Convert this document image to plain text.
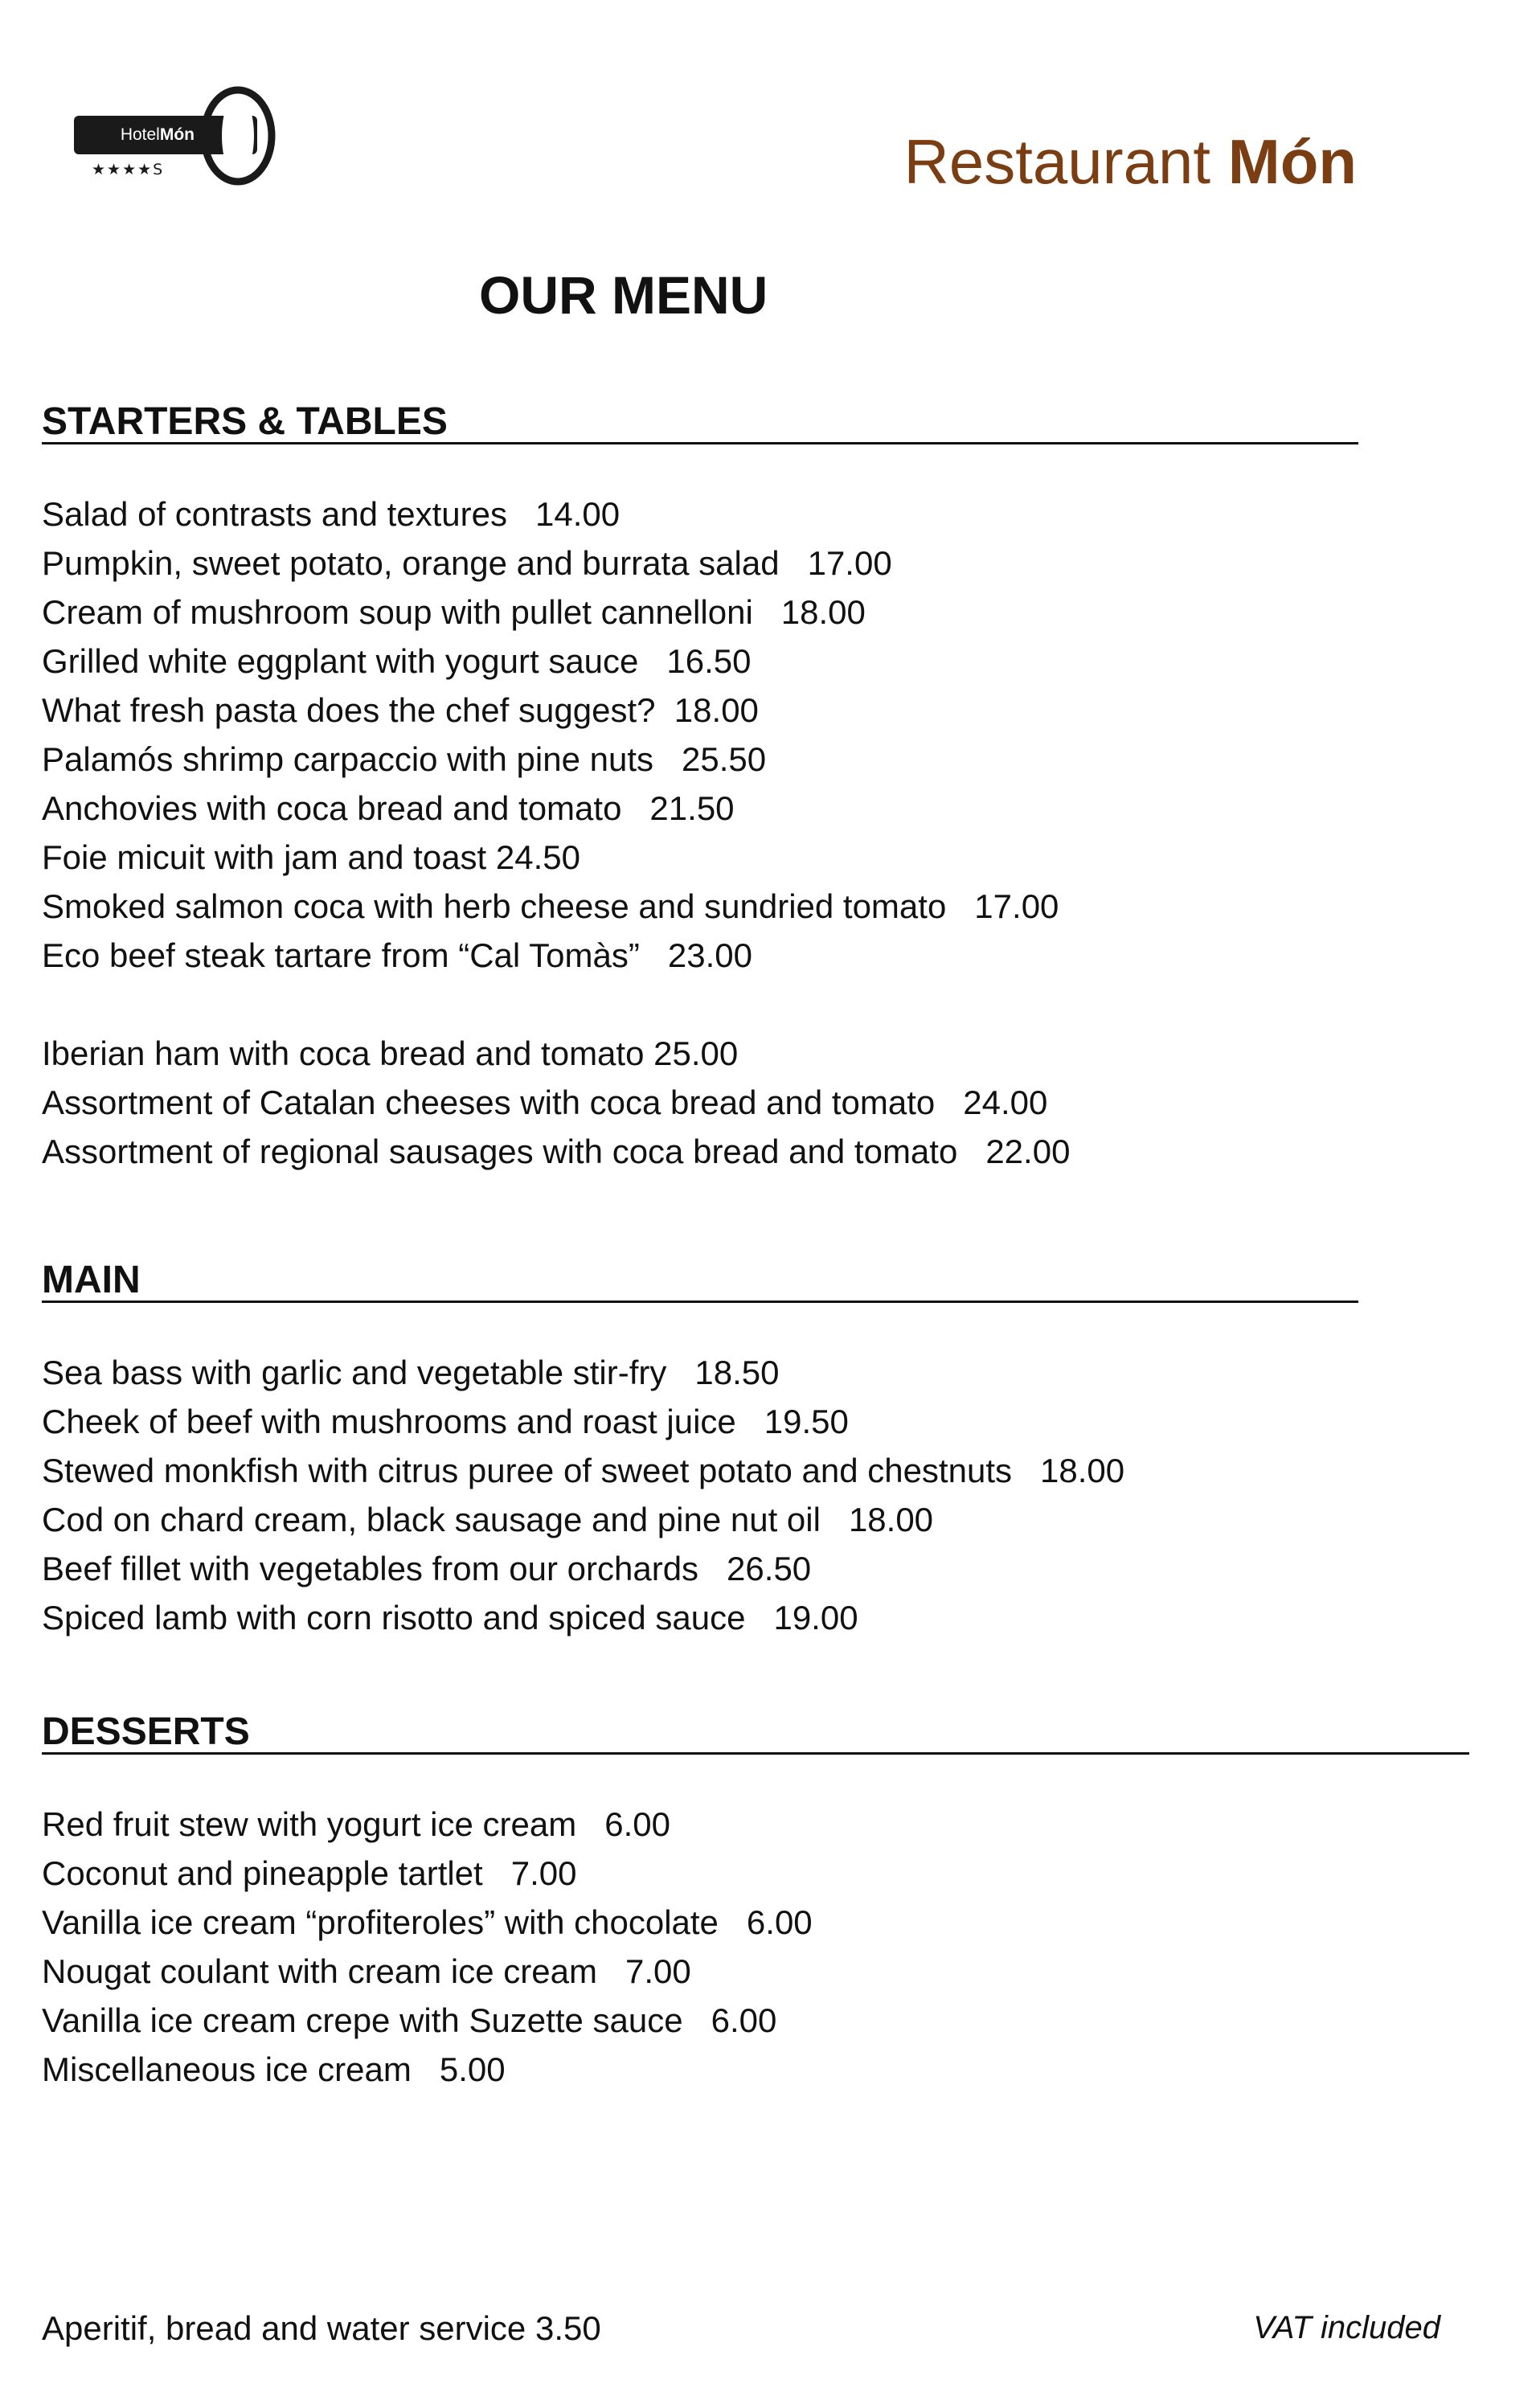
HotelMón
★★★★S	Restaurant Món
OUR MENU
STARTERS & TABLES
Salad of contrasts and textures   14.00
Pumpkin, sweet potato, orange and burrata salad   17.00
Cream of mushroom soup with pullet cannelloni   18.00
Grilled white eggplant with yogurt sauce   16.50
What fresh pasta does the chef suggest?  18.00
Palamós shrimp carpaccio with pine nuts   25.50
Anchovies with coca bread and tomato   21.50
Foie micuit with jam and toast 24.50
Smoked salmon coca with herb cheese and sundried tomato   17.00
Eco beef steak tartare from “Cal Tomàs”   23.00
Iberian ham with coca bread and tomato 25.00
Assortment of Catalan cheeses with coca bread and tomato   24.00
Assortment of regional sausages with coca bread and tomato   22.00
MAIN
Sea bass with garlic and vegetable stir-fry   18.50
Cheek of beef with mushrooms and roast juice   19.50
Stewed monkfish with citrus puree of sweet potato and chestnuts   18.00
Cod on chard cream, black sausage and pine nut oil   18.00
Beef fillet with vegetables from our orchards   26.50
Spiced lamb with corn risotto and spiced sauce   19.00
DESSERTS
Red fruit stew with yogurt ice cream   6.00
Coconut and pineapple tartlet   7.00
Vanilla ice cream “profiteroles” with chocolate   6.00
Nougat coulant with cream ice cream   7.00
Vanilla ice cream crepe with Suzette sauce   6.00
Miscellaneous ice cream   5.00
Aperitif, bread and water service 3.50	VAT included
